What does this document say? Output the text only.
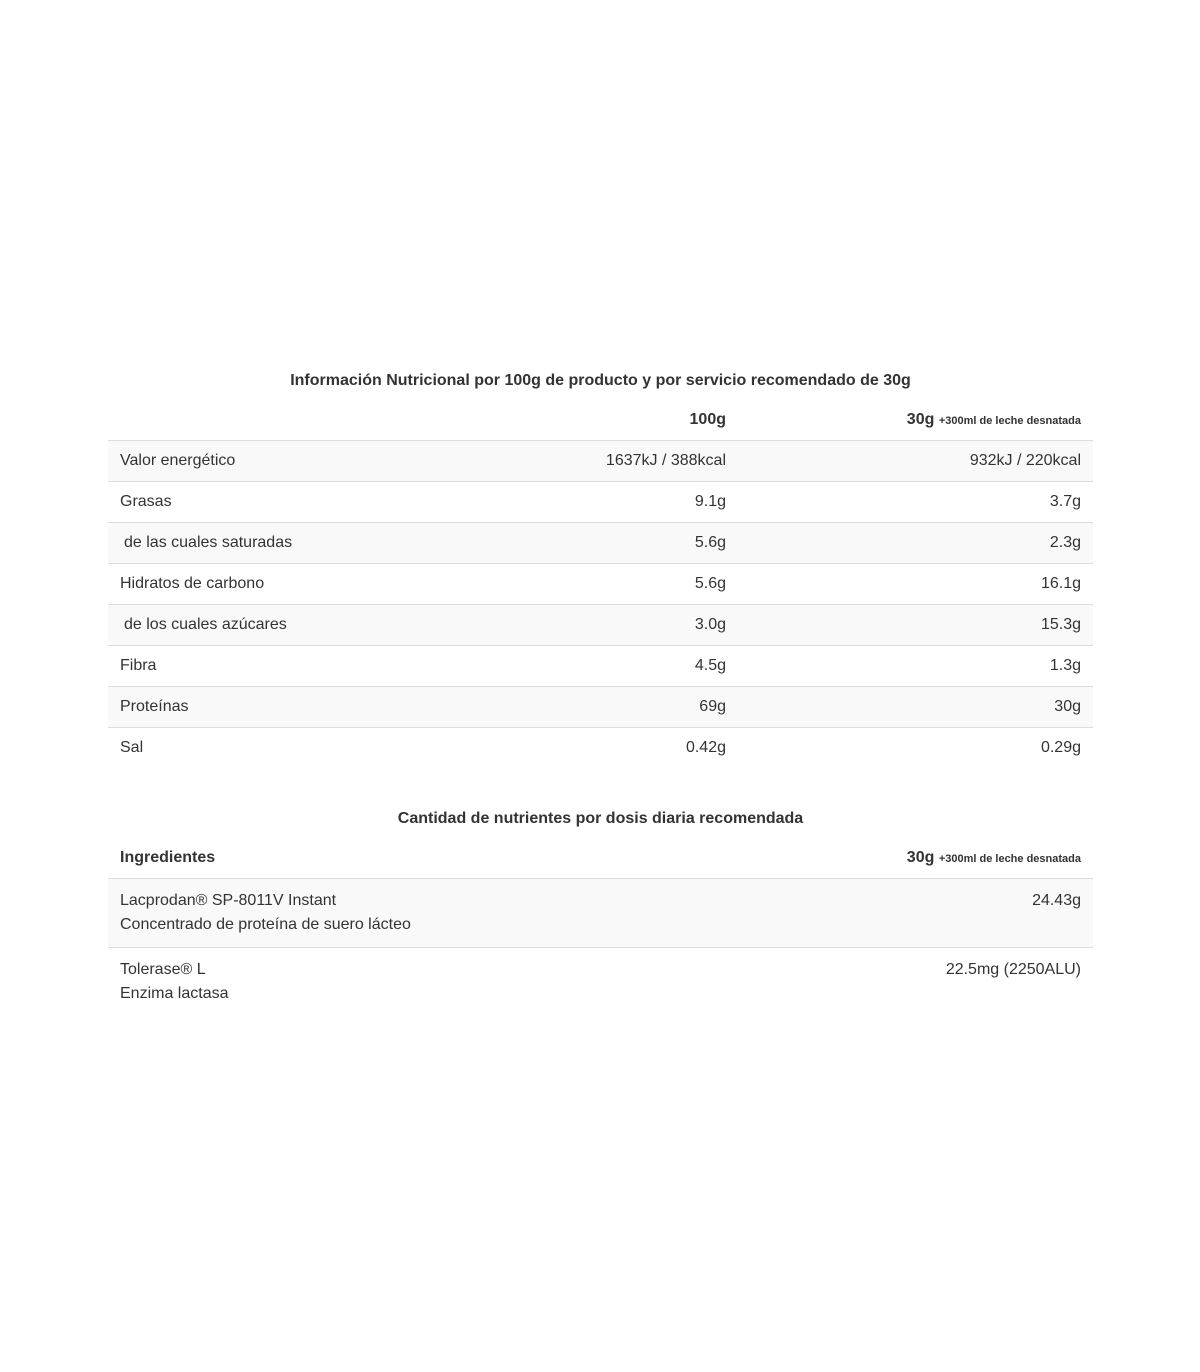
Información Nutricional por 100g de producto y por servicio recomendado de 30g
	100g	30g +300ml de leche desnatada
Valor energético	1637kJ / 388kcal	932kJ / 220kcal
Grasas	9.1g	3.7g
de las cuales saturadas	5.6g	2.3g
Hidratos de carbono	5.6g	16.1g
de los cuales azúcares	3.0g	15.3g
Fibra	4.5g	1.3g
Proteínas	69g	30g
Sal	0.42g	0.29g
Cantidad de nutrientes por dosis diaria recomendada
Ingredientes	30g +300ml de leche desnatada

Lacprodan® SP-8011V Instant
Concentrado de proteína de suero lácteo	24.43g

Tolerase® L
Enzima lactasa	22.5mg (2250ALU)
